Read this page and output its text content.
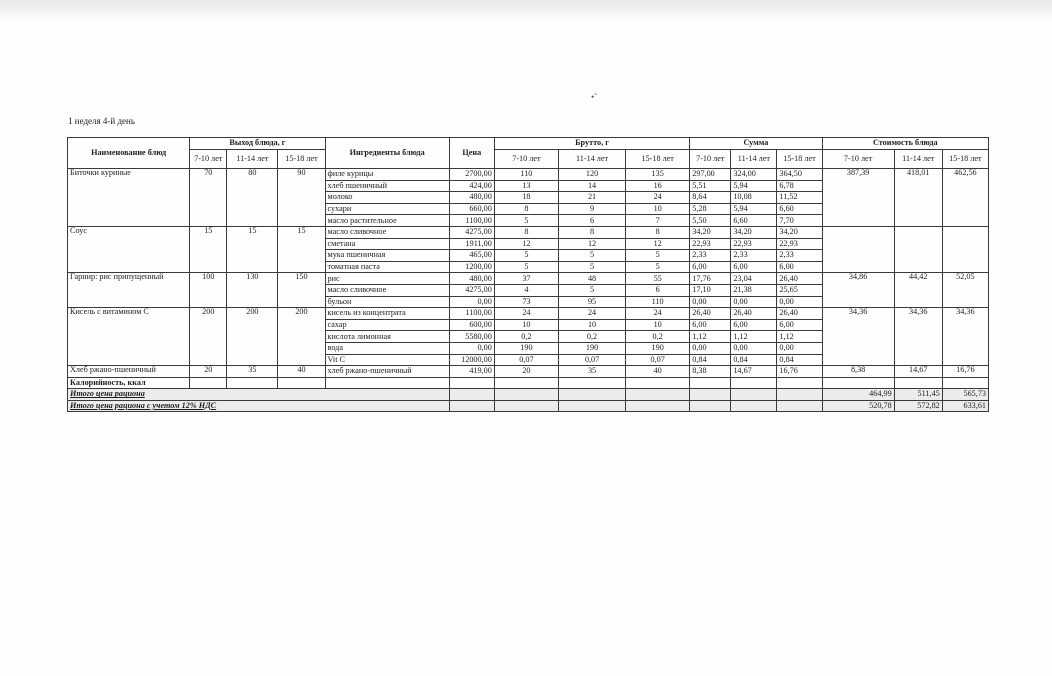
•̃
1 неделя 4-й день
Наименование блюд	Выход блюда, г			Ингредиенты блюда	Цена	Брутто, г			Сумма			Стоимость блюда		
	7-10 лет	11-14 лет	15-18 лет			7-10 лет	11-14 лет	15-18 лет	7-10 лет	11-14 лет	15-18 лет	7-10 лет	11-14 лет	15-18 лет
Биточки куриные	70	80	90	филе курицы	2700,00	110	120	135	297,00	324,00	364,50	387,39	418,01	462,56
				хлеб пшеничный	424,00	13	14	16	5,51	5,94	6,78			
				молоко	480,00	18	21	24	8,64	10,08	11,52			
				сухари	660,00	8	9	10	5,28	5,94	6,60			
				масло растительное	1100,00	5	6	7	5,50	6,60	7,70			
Соус	15	15	15	масло сливочное	4275,00	8	8	8	34,20	34,20	34,20			
				сметана	1911,00	12	12	12	22,93	22,93	22,93			
				мука пшеничная	465,00	5	5	5	2,33	2,33	2,33			
				томатная паста	1200,00	5	5	5	6,00	6,00	6,00			
Гарнир: рис припущенный	100	130	150	рис	480,00	37	48	55	17,76	23,04	26,40	34,86	44,42	52,05
				масло сливочное	4275,00	4	5	6	17,10	21,38	25,65			
				бульон	0,00	73	95	110	0,00	0,00	0,00			
Кисель с витамином С	200	200	200	кисель из концентрата	1100,00	24	24	24	26,40	26,40	26,40	34,36	34,36	34,36
				сахар	600,00	10	10	10	6,00	6,00	6,00			
				кислота лимонная	5580,00	0,2	0,2	0,2	1,12	1,12	1,12			
				вода	0,00	190	190	190	0,00	0,00	0,00			
				Vit C	12000,00	0,07	0,07	0,07	0,84	0,84	0,84			
Хлеб ржано-пшеничный	20	35	40	хлеб ржано-пшеничный	419,00	20	35	40	8,38	14,67	16,76	8,38	14,67	16,76
Калорийность, ккал														
Итого цена рациона												464,99	511,45	565,73
Итого цена рациона с учетом 12% НДС												520,78	572,82	633,61
